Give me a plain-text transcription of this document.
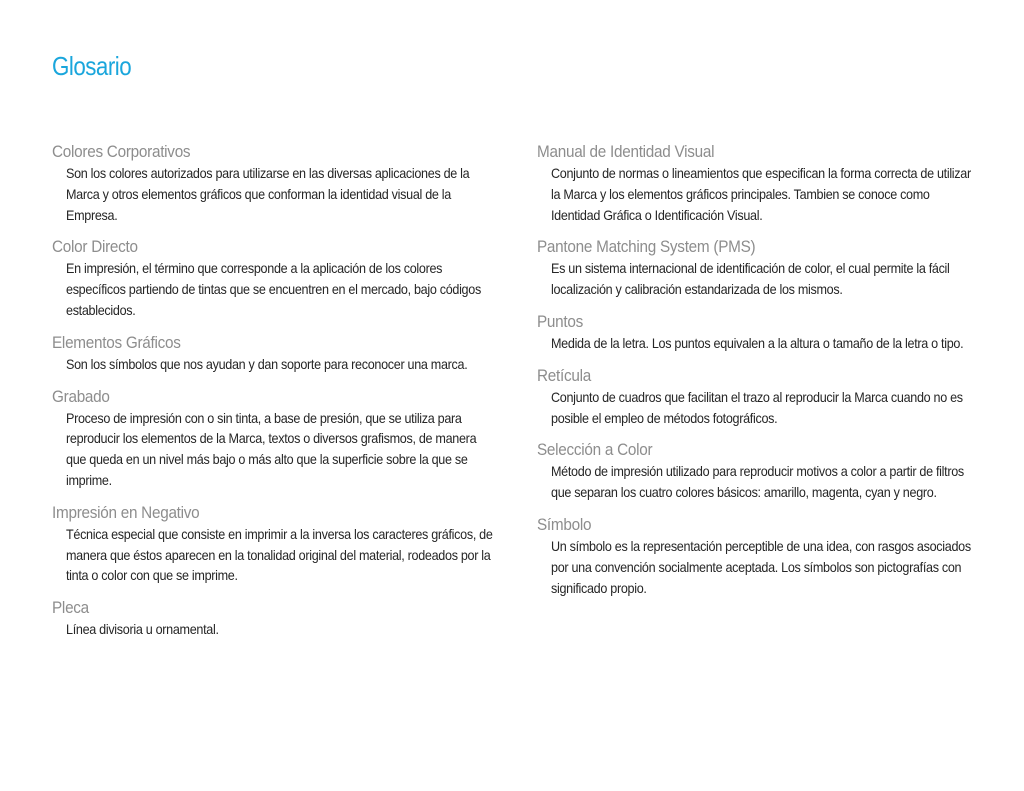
Glosario
Colores Corporativos
Son los colores autorizados para utilizarse en las diversas aplicaciones de la Marca y otros elementos gráficos que conforman la identidad visual de la Empresa.
Color Directo
En impresión, el término que corresponde a la aplicación de los colores específicos partiendo de tintas que se encuentren en el mercado, bajo códigos establecidos.
Elementos Gráficos
Son los símbolos que nos ayudan y dan soporte para reconocer una marca.
Grabado
Proceso de impresión con o sin tinta, a base de presión, que se utiliza para reproducir los elementos de la Marca, textos o diversos grafismos, de manera que queda en un nivel más bajo o más alto que la superficie sobre la que se imprime.
Impresión en Negativo
Técnica especial que consiste en imprimir a la inversa los caracteres gráficos, de manera que éstos aparecen en la tonalidad original del material, rodeados por la tinta o color con que se imprime.
Pleca
Línea divisoria u ornamental.
Manual de Identidad Visual
Conjunto de normas o lineamientos que especifican la forma correcta de utilizar la Marca y los elementos gráficos principales. Tambien se conoce como Identidad Gráfica o Identificación Visual.
Pantone Matching System (PMS)
Es un sistema internacional de identificación de color, el cual permite la fácil localización y calibración estandarizada de los mismos.
Puntos
Medida de la letra. Los puntos equivalen a la altura o tamaño de la letra o tipo.
Retícula
Conjunto de cuadros que facilitan el trazo al reproducir la Marca cuando no es posible el empleo de métodos fotográficos.
Selección a Color
Método de impresión utilizado para reproducir motivos a color a partir de filtros que separan los cuatro colores básicos: amarillo, magenta, cyan y negro.
Símbolo
Un símbolo es la representación perceptible de una idea, con rasgos asociados por una convención socialmente aceptada. Los símbolos son pictografías con significado propio.
